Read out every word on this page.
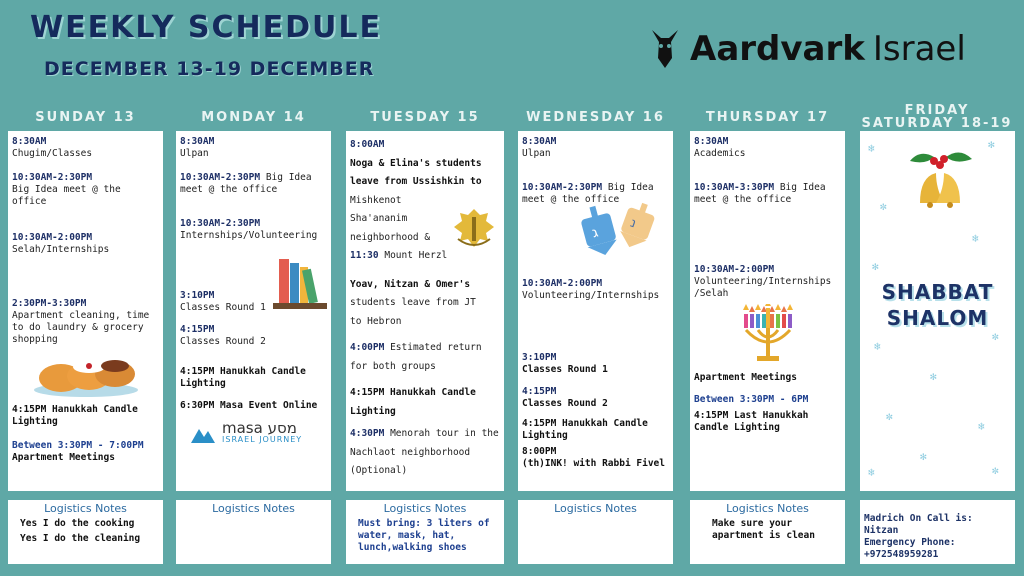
WEEKLY SCHEDULE
DECEMBER 13-19 DECEMBER	Aardvark Israel
SUNDAY 13	MONDAY 14	TUESDAY 15	WEDNESDAY 16	THURSDAY 17	FRIDAY
SATURDAY 18-19
8:30AM
Chugim/Classes
10:30AM-2:30PM
Big Idea meet @ the office
10:30AM-2:00PM
Selah/Internships
2:30PM-3:30PM
Apartment cleaning, time to do laundry & grocery shopping
4:15PM Hanukkah Candle Lighting
Between 3:30PM - 7:00PM
Apartment Meetings
8:30AM
Ulpan
10:30AM-2:30PM Big Idea meet @ the office
10:30AM-2:30PM
Internships/Volunteering
3:10PM
Classes Round 1
4:15PM
Classes Round 2
4:15PM Hanukkah Candle Lighting
6:30PM Masa Event Online
masa מסע
ISRAEL JOURNEY
8:00AM
Noga & Elina's students leave from Ussishkin to
Mishkenot Sha'ananim neighborhood &
11:30 Mount Herzl
Yoav, Nitzan & Omer's
students leave from JT to Hebron
4:00PM Estimated return for both groups
4:15PM Hanukkah Candle Lighting
4:30PM Menorah tour in the Nachlaot neighborhood (Optional)
8:30AM
Ulpan
10:30AM-2:30PM Big Idea meet @ the office
ג
נ
10:30AM-2:00PM
Volunteering/Internships
3:10PM
Classes Round 1
4:15PM
Classes Round 2
4:15PM Hanukkah Candle Lighting
8:00PM
(th)INK! with Rabbi Fivel
8:30AM
Academics
10:30AM-3:30PM Big Idea meet @ the office
10:30AM-2:00PM
Volunteering/Internships /Selah
Apartment Meetings
Between 3:30PM - 6PM
4:15PM Last Hanukkah Candle Lighting
❄	✻
✼
❄
✻
✼
❄
✻
✼
❄
✻
✼
❄
SHABBAT
SHALOM
Logistics Notes
Yes I do the cooking
Yes I do the cleaning
Logistics Notes	Logistics Notes
Must bring: 3 liters of water, mask, hat, lunch,walking shoes
Logistics Notes	Logistics Notes
Make sure your apartment is clean
Madrich On Call is:
Nitzan
Emergency Phone:
+972548959281
